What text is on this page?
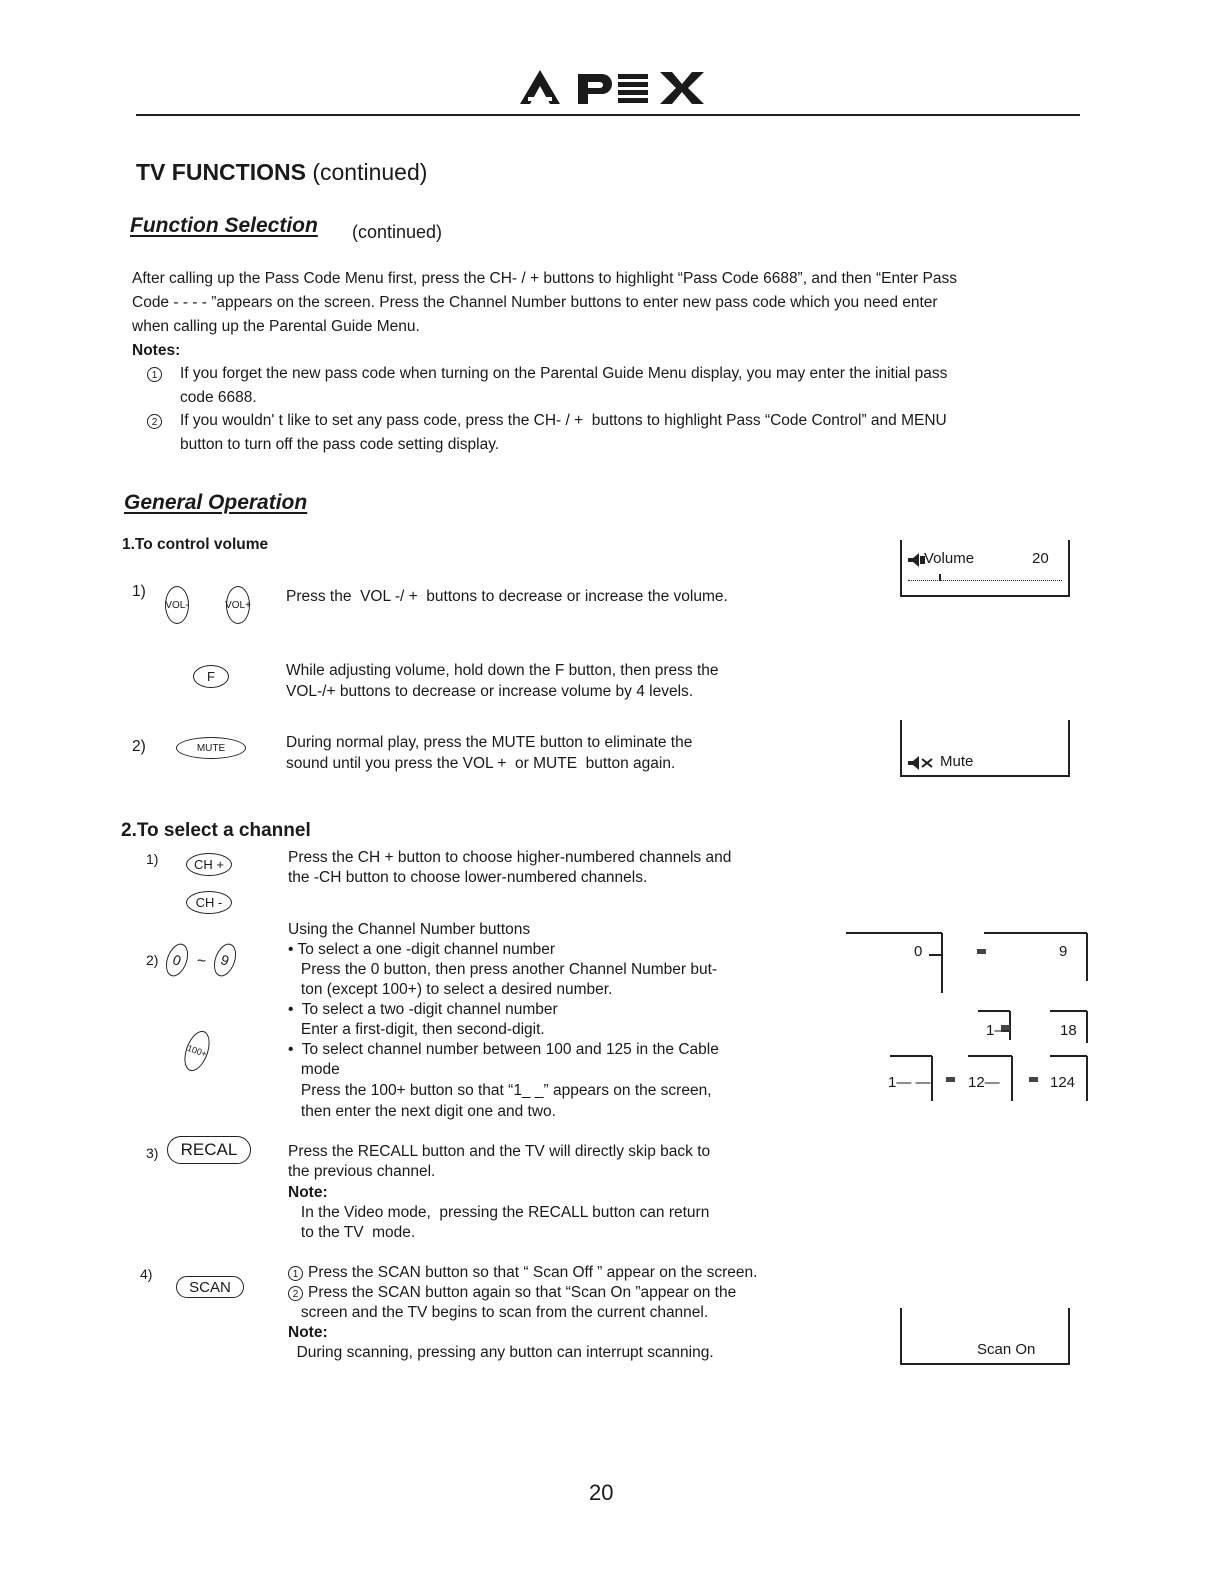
TV FUNCTIONS (continued)
Function Selection (continued)
After calling up the Pass Code Menu first, press the CH- / + buttons to highlight “Pass Code 6688”, and then “Enter Pass
Code - - - - ”appears on the screen. Press the Channel Number buttons to enter new pass code which you need enter
when calling up the Parental Guide Menu.
Notes:
1	If you forget the new pass code when turning on the Parental Guide Menu display, you may enter the initial pass
code 6688.
2	If you wouldn' t like to set any pass code, press the CH- / +  buttons to highlight Pass “Code Control” and MENU
button to turn off the pass code setting display.
General Operation
1.To control volume
1)
VOL-	VOL+ Press the  VOL -/ +  buttons to decrease or increase the volume.
Volume	20
F	While adjusting volume, hold down the F button, then press the
VOL-/+ buttons to decrease or increase volume by 4 levels.
2)	MUTE	During normal play, press the MUTE button to eliminate the
sound until you press the VOL +  or MUTE  button again.	Mute
2.To select a channel
1)	CH +
CH -
Press the CH + button to choose higher-numbered channels and
the -CH button to choose lower-numbered channels.
2) 0 ~ 9
100+
Using the Channel Number buttons
• To select a one -digit channel number
Press the 0 button, then press another Channel Number but-
ton (except 100+) to select a desired number.
•  To select a two -digit channel number
Enter a first-digit, then second-digit.
•  To select channel number between 100 and 125 in the Cable
mode
Press the 100+ button so that “1_ _” appears on the screen,
then enter the next digit one and two.
0	9
1—	18
1— — 12—	124
3) RECAL	Press the RECALL button and the TV will directly skip back to
the previous channel.
Note:
In the Video mode,  pressing the RECALL button can return
to the TV  mode.
4)
SCAN
1 Press the SCAN button so that “ Scan Off ” appear on the screen.
2 Press the SCAN button again so that “Scan On ”appear on the
screen and the TV begins to scan from the current channel.
Note:
During scanning, pressing any button can interrupt scanning.	Scan On
20
